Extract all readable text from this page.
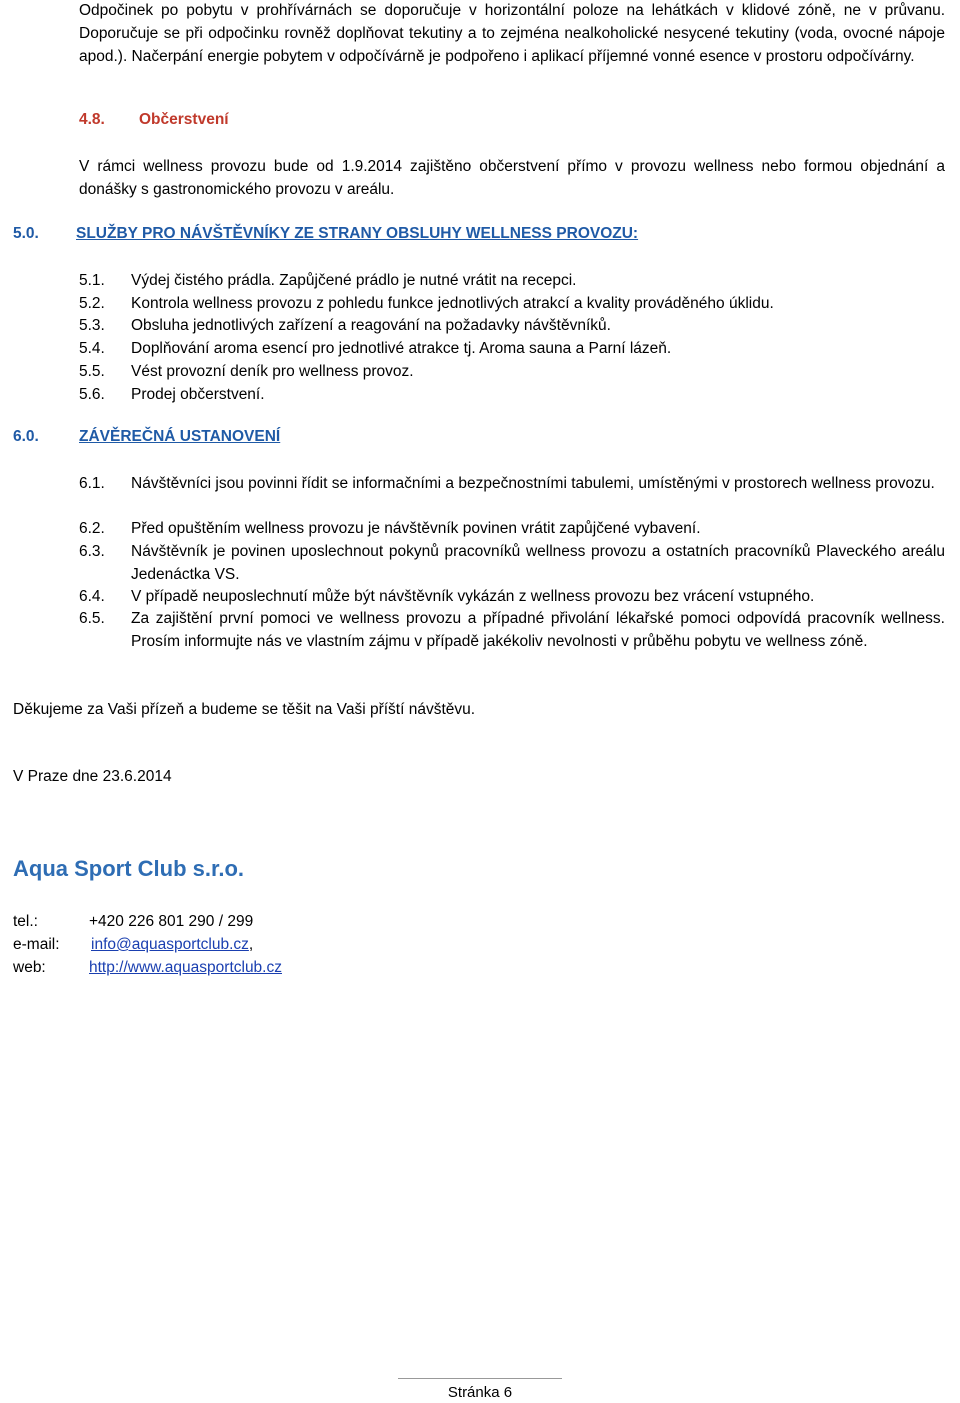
Odpočinek po pobytu v prohřívárnách se doporučuje v horizontální poloze na lehátkách v klidové zóně, ne v průvanu. Doporučuje se při odpočinku rovněž doplňovat tekutiny a to zejména nealkoholické nesycené tekutiny (voda, ovocné nápoje apod.). Načerpání energie pobytem v odpočívárně je podpořeno i aplikací příjemné vonné esence v prostoru odpočívárny.
4.8. Občerstvení
V rámci wellness provozu bude od 1.9.2014 zajištěno občerstvení přímo v provozu wellness nebo formou objednání a donášky s gastronomického provozu v areálu.
5.0. SLUŽBY PRO NÁVŠTĚVNÍKY ZE STRANY OBSLUHY WELLNESS PROVOZU:
5.1. Výdej čistého prádla. Zapůjčené prádlo je nutné vrátit na recepci.
5.2. Kontrola wellness provozu z pohledu funkce jednotlivých atrakcí a kvality prováděného úklidu.
5.3. Obsluha jednotlivých zařízení a reagování na požadavky návštěvníků.
5.4. Doplňování aroma esencí pro jednotlivé atrakce tj. Aroma sauna a Parní lázeň.
5.5. Vést provozní deník pro wellness provoz.
5.6. Prodej občerstvení.
6.0.	ZÁVĚREČNÁ USTANOVENÍ
6.1. Návštěvníci jsou povinni řídit se informačními a bezpečnostními tabulemi, umístěnými v prostorech wellness provozu.
6.2. Před opuštěním wellness provozu je návštěvník povinen vrátit zapůjčené vybavení.
6.3. Návštěvník je povinen uposlechnout pokynů pracovníků wellness provozu a ostatních pracovníků Plaveckého areálu Jedenáctka VS.
6.4. V případě neuposlechnutí může být návštěvník vykázán z wellness provozu bez vrácení vstupného.
6.5. Za zajištění první pomoci ve wellness provozu a případné přivolání lékařské pomoci odpovídá pracovník wellness. Prosím informujte nás ve vlastním zájmu v případě jakékoliv nevolnosti v průběhu pobytu ve wellness zóně.
Děkujeme za Vaši přízeň a budeme se těšit na Vaši příští návštěvu.
V Praze dne 23.6.2014
Aqua Sport Club s.r.o.
tel.:	+420 226 801 290 / 299
e-mail: info@aquasportclub.cz,
web:	http://www.aquasportclub.cz
Stránka 6
